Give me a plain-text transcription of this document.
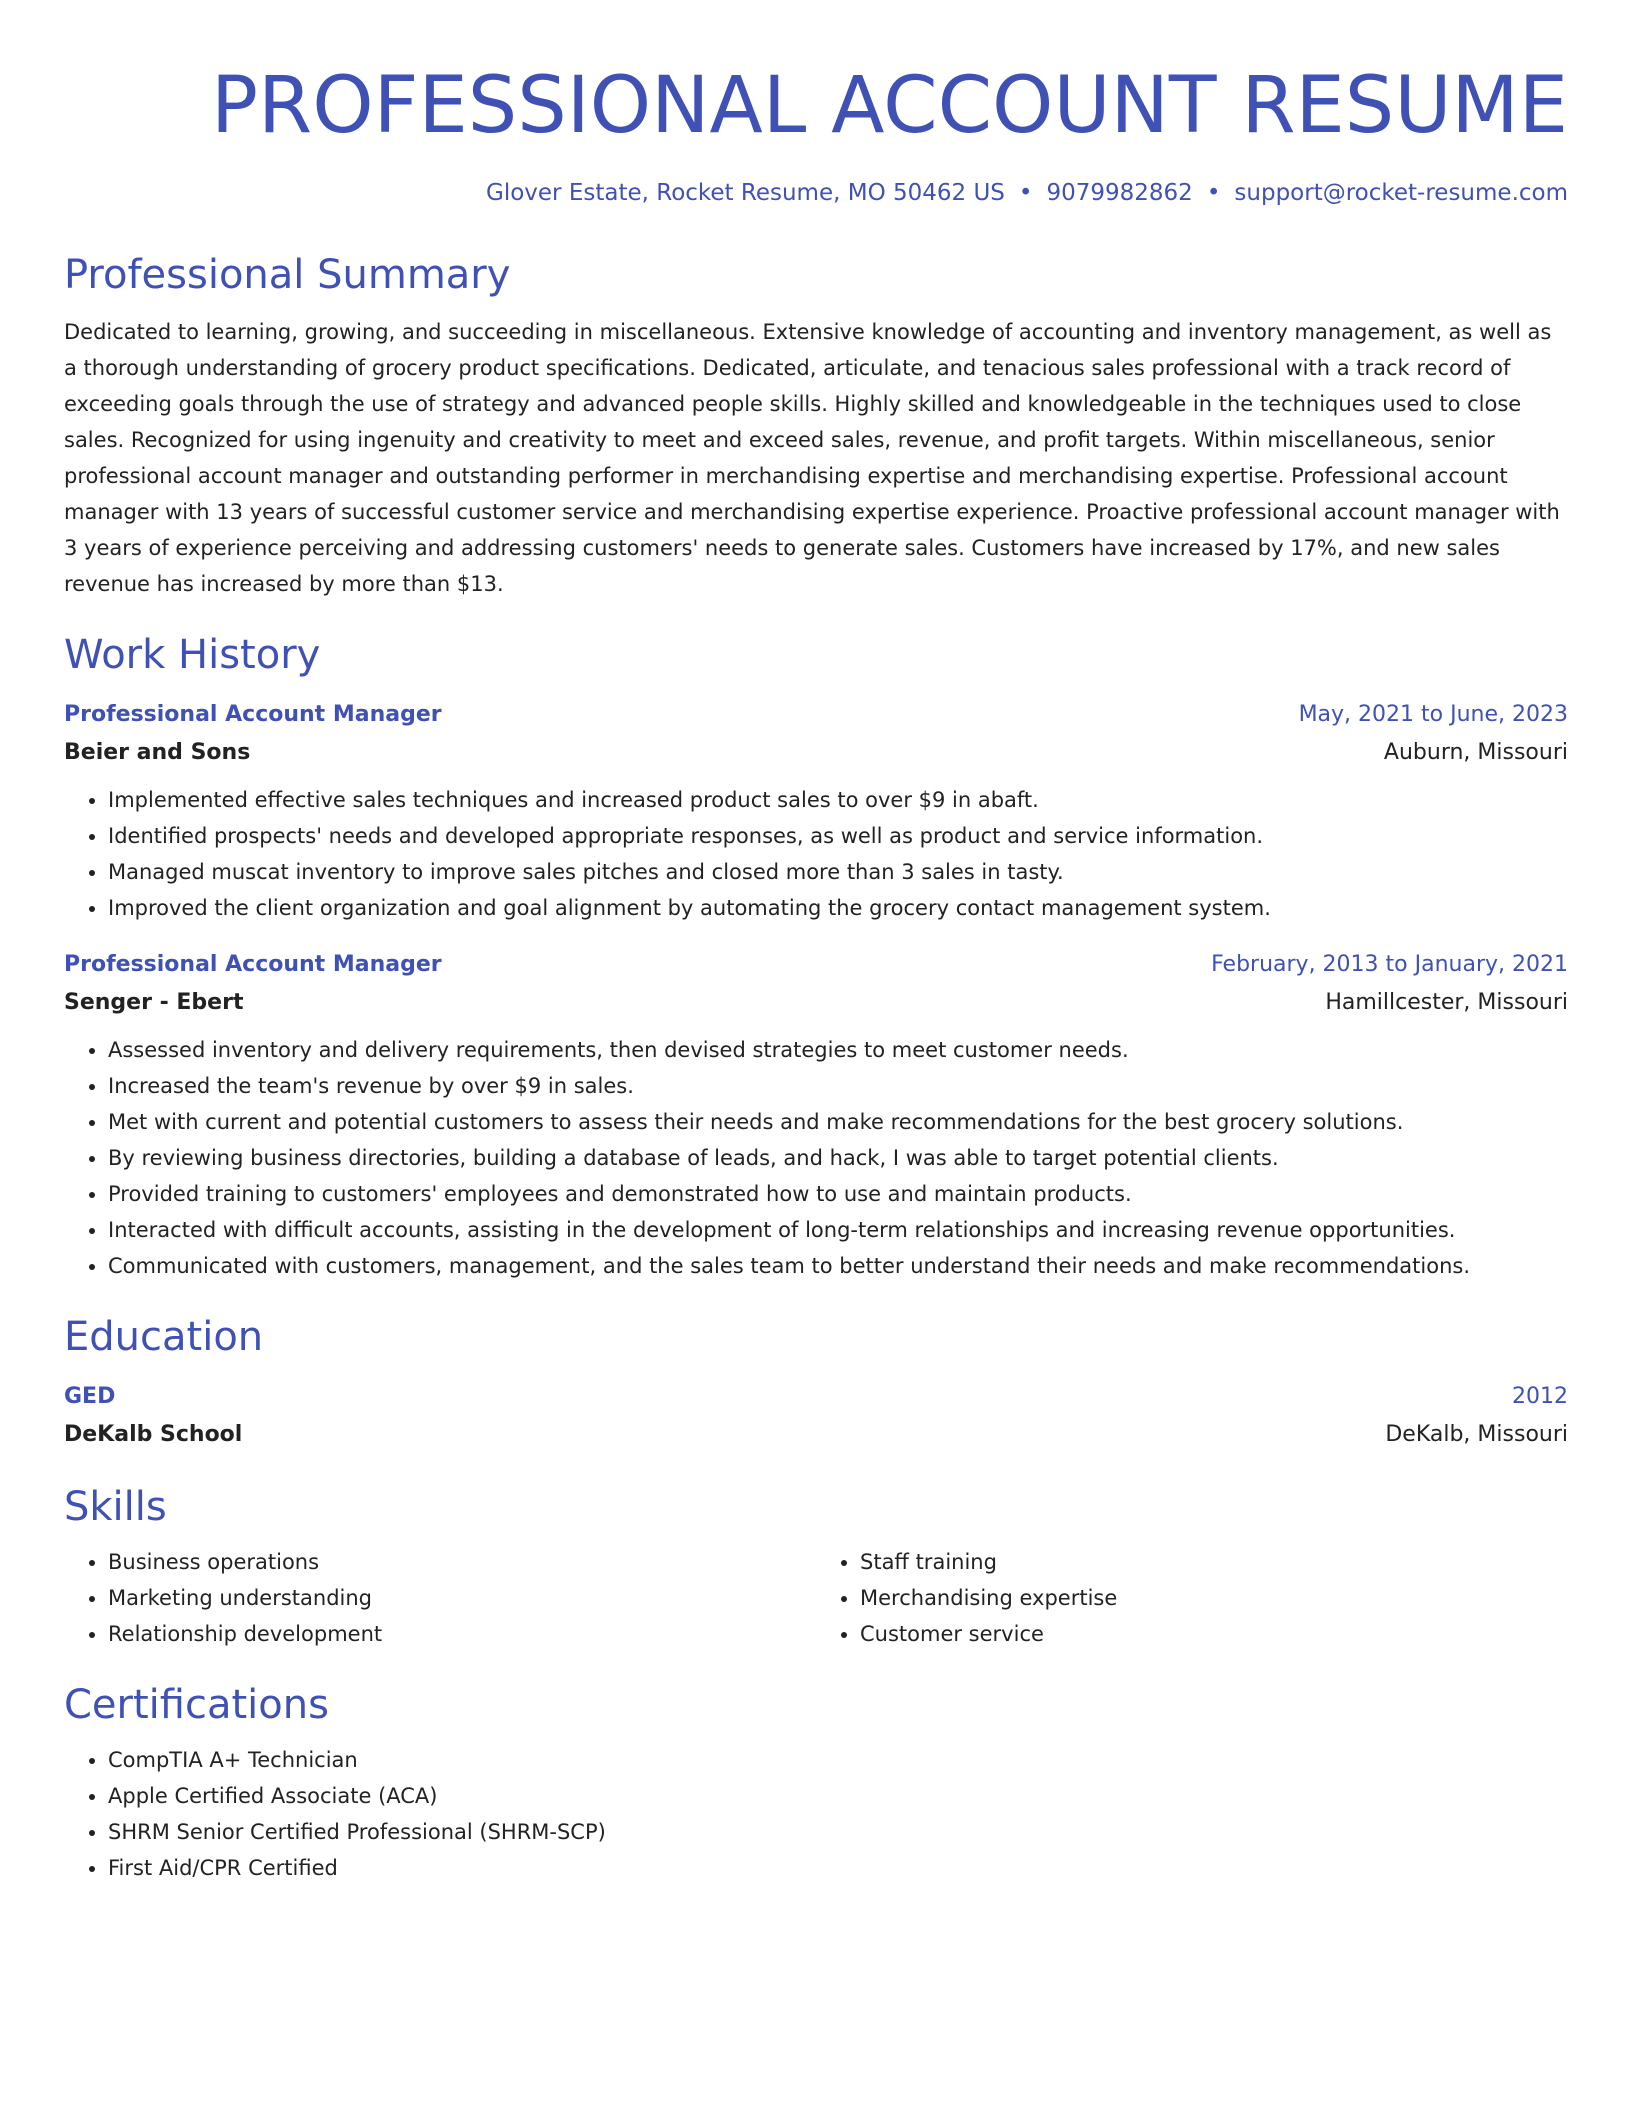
PROFESSIONAL ACCOUNT RESUME
Glover Estate, Rocket Resume, MO 50462 US • 9079982862 • support@rocket-resume.com
Professional Summary

Dedicated to learning, growing, and succeeding in miscellaneous. Extensive knowledge of accounting and inventory management, as well as a thorough understanding of grocery product specifications. Dedicated, articulate, and tenacious sales professional with a track record of exceeding goals through the use of strategy and advanced people skills. Highly skilled and knowledgeable in the techniques used to close sales. Recognized for using ingenuity and creativity to meet and exceed sales, revenue, and profit targets. Within miscellaneous, senior professional account manager and outstanding performer in merchandising expertise and merchandising expertise. Professional account manager with 13 years of successful customer service and merchandising expertise experience. Proactive professional account manager with 3 years of experience perceiving and addressing customers' needs to generate sales. Customers have increased by 17%, and new sales revenue has increased by more than $13.

Work History
Professional Account Manager	May, 2021 to June, 2023
Beier and Sons	Auburn, Missouri
• Implemented effective sales techniques and increased product sales to over $9 in abaft.
• Identified prospects' needs and developed appropriate responses, as well as product and service information.
• Managed muscat inventory to improve sales pitches and closed more than 3 sales in tasty.
• Improved the client organization and goal alignment by automating the grocery contact management system.
Professional Account Manager	February, 2013 to January, 2021
Senger - Ebert	Hamillcester, Missouri
• Assessed inventory and delivery requirements, then devised strategies to meet customer needs.
• Increased the team's revenue by over $9 in sales.
• Met with current and potential customers to assess their needs and make recommendations for the best grocery solutions.
• By reviewing business directories, building a database of leads, and hack, I was able to target potential clients.
• Provided training to customers' employees and demonstrated how to use and maintain products.
• Interacted with difficult accounts, assisting in the development of long-term relationships and increasing revenue opportunities.
• Communicated with customers, management, and the sales team to better understand their needs and make recommendations.
Education
GED	2012
DeKalb School	DeKalb, Missouri
Skills
• Business operations
• Marketing understanding
• Relationship development
• Staff training
• Merchandising expertise
• Customer service
Certifications
• CompTIA A+ Technician
• Apple Certified Associate (ACA)
• SHRM Senior Certified Professional (SHRM-SCP)
• First Aid/CPR Certified
